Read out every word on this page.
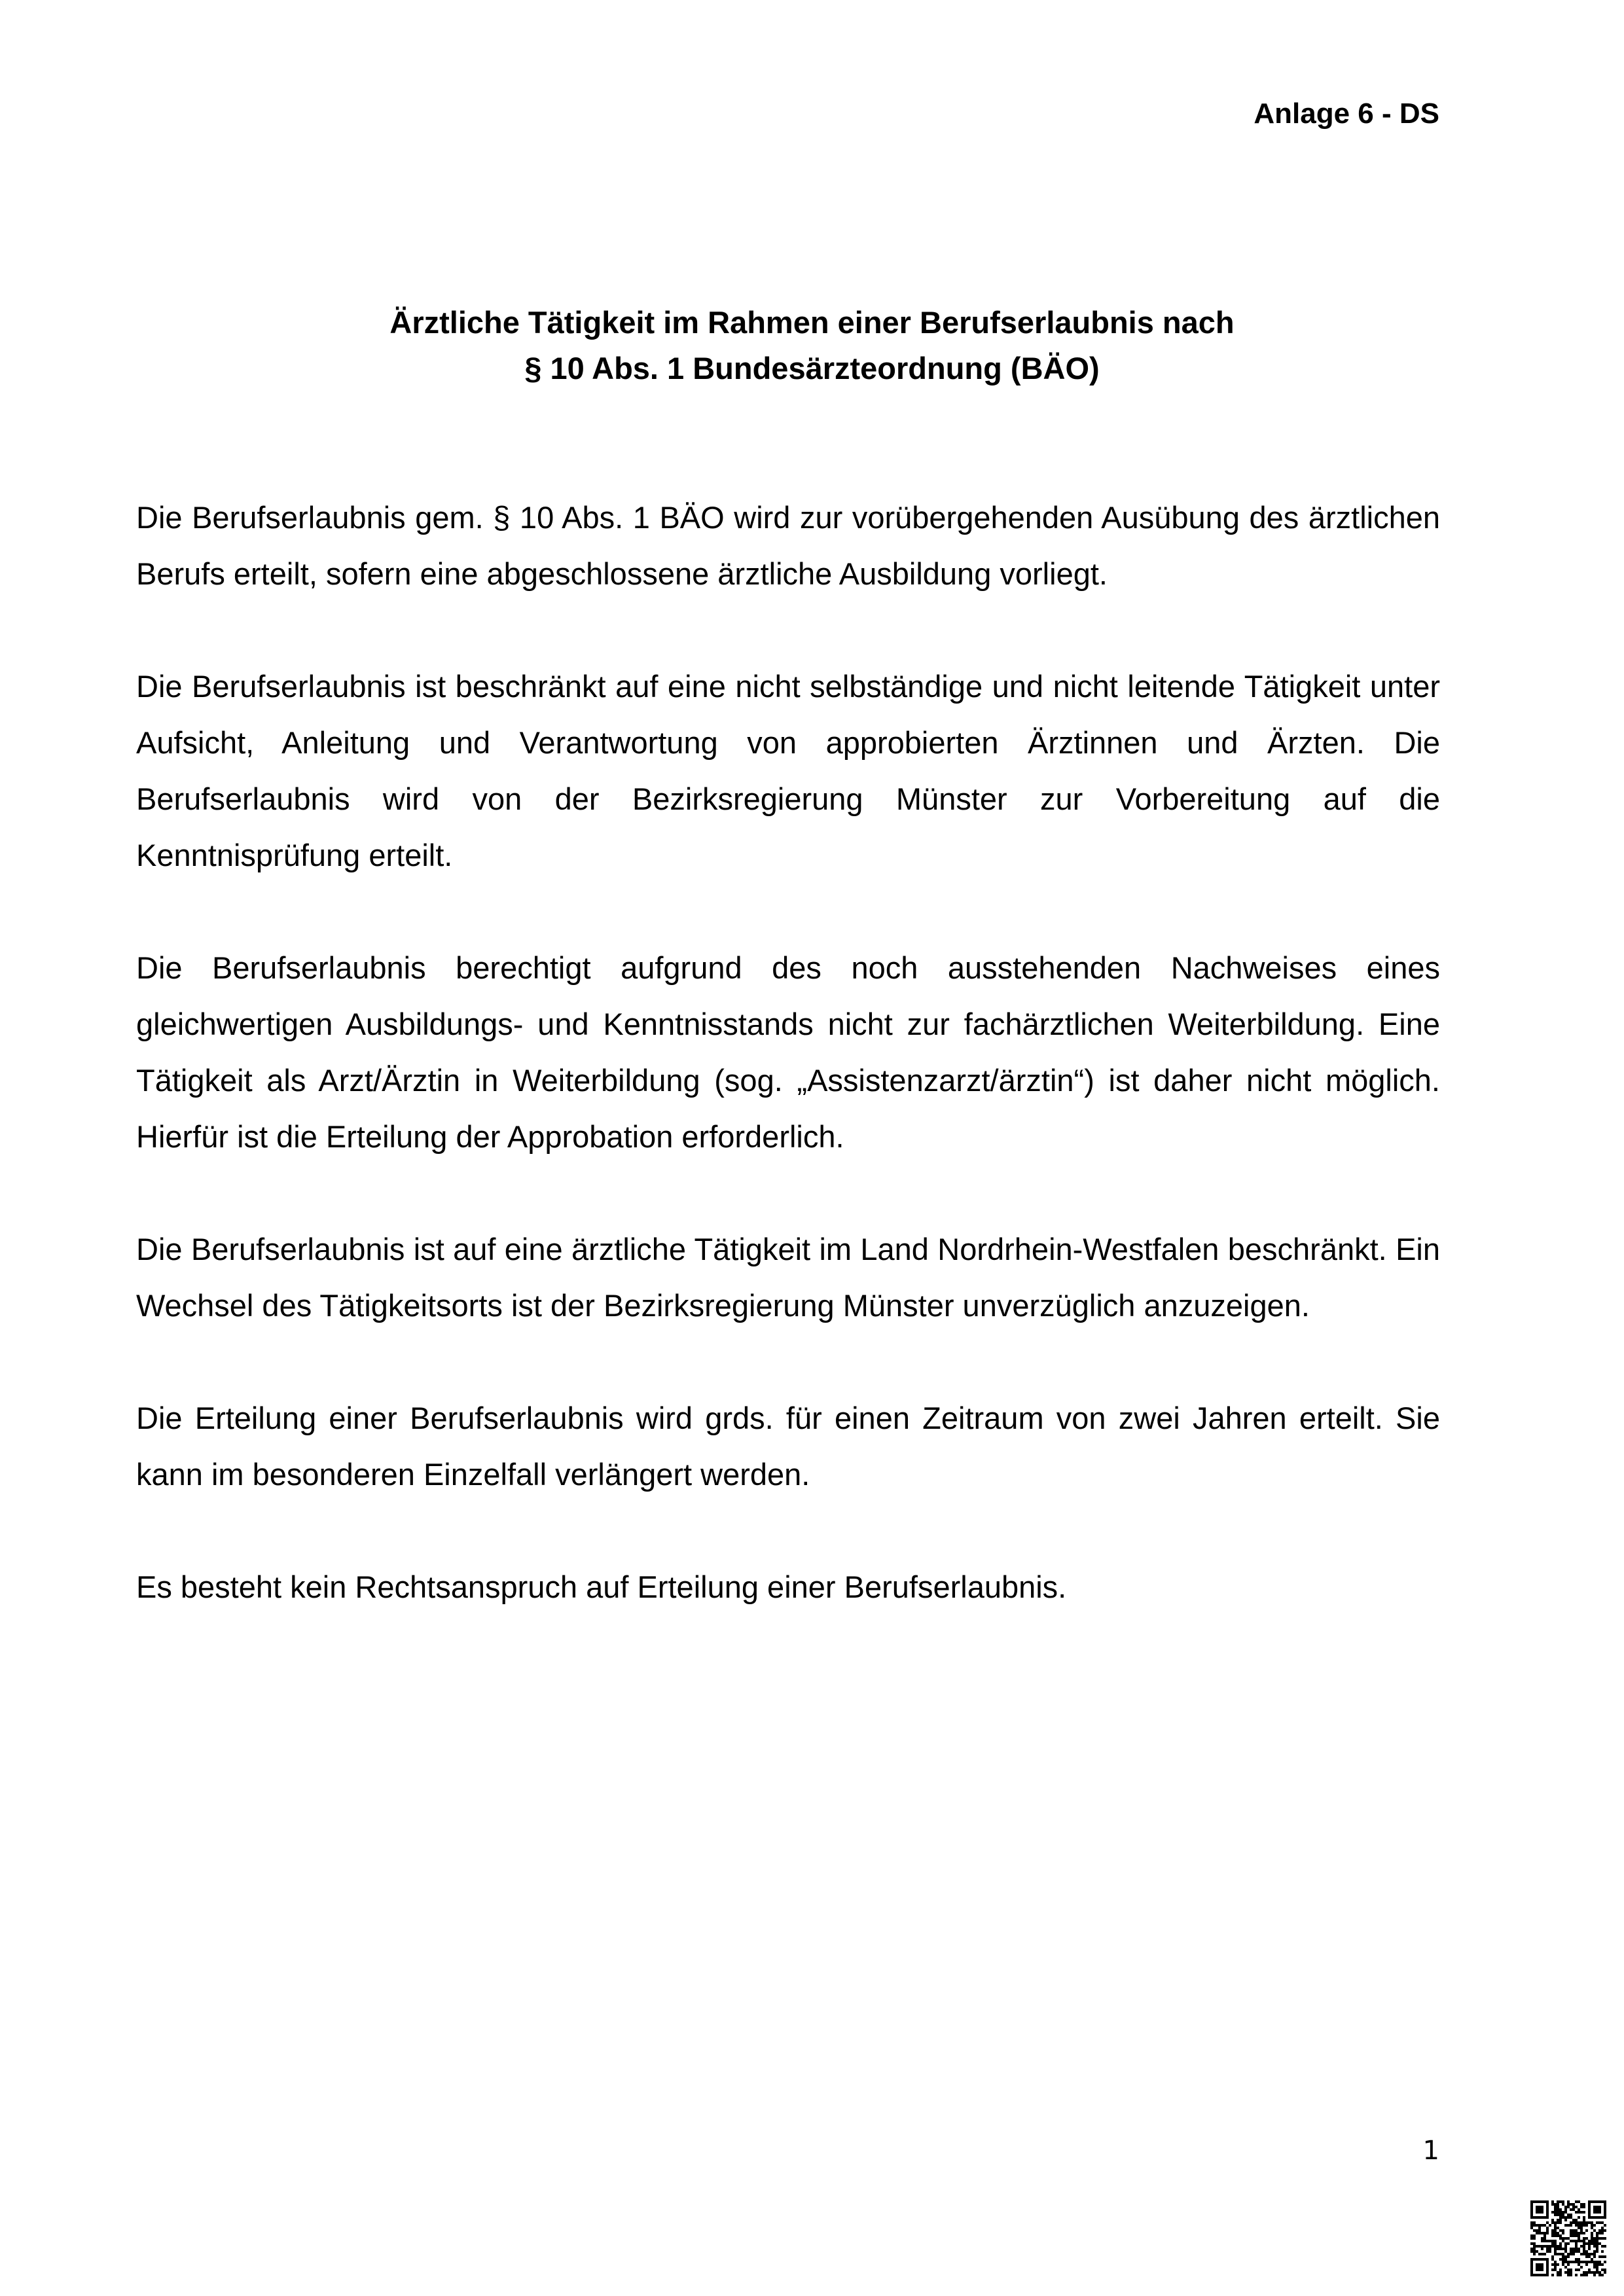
Anlage 6 - DS
Ärztliche Tätigkeit im Rahmen einer Berufserlaubnis nach
§ 10 Abs. 1 Bundesärzteordnung (BÄO)

Die Berufserlaubnis gem. § 10 Abs. 1 BÄO wird zur vorübergehenden Ausübung des ärztlichen Berufs erteilt, sofern eine abgeschlossene ärztliche Ausbildung vorliegt.

Die Berufserlaubnis ist beschränkt auf eine nicht selbständige und nicht leitende Tätigkeit unter Aufsicht, Anleitung und Verantwortung von approbierten Ärztinnen und Ärzten. Die Berufserlaubnis wird von der Bezirksregierung Münster zur Vorbereitung auf die Kenntnisprüfung erteilt.

Die Berufserlaubnis berechtigt aufgrund des noch ausstehenden Nachweises eines gleichwertigen Ausbildungs- und Kenntnisstands nicht zur fachärztlichen Weiterbildung. Eine Tätigkeit als Arzt/Ärztin in Weiterbildung (sog. „Assistenzarzt/ärztin“) ist daher nicht möglich. Hierfür ist die Erteilung der Approbation erforderlich.

Die Berufserlaubnis ist auf eine ärztliche Tätigkeit im Land Nordrhein-Westfalen beschränkt. Ein Wechsel des Tätigkeitsorts ist der Bezirksregierung Münster unverzüglich anzuzeigen.

Die Erteilung einer Berufserlaubnis wird grds. für einen Zeitraum von zwei Jahren erteilt. Sie kann im besonderen Einzelfall verlängert werden.

Es besteht kein Rechtsanspruch auf Erteilung einer Berufserlaubnis.

1
